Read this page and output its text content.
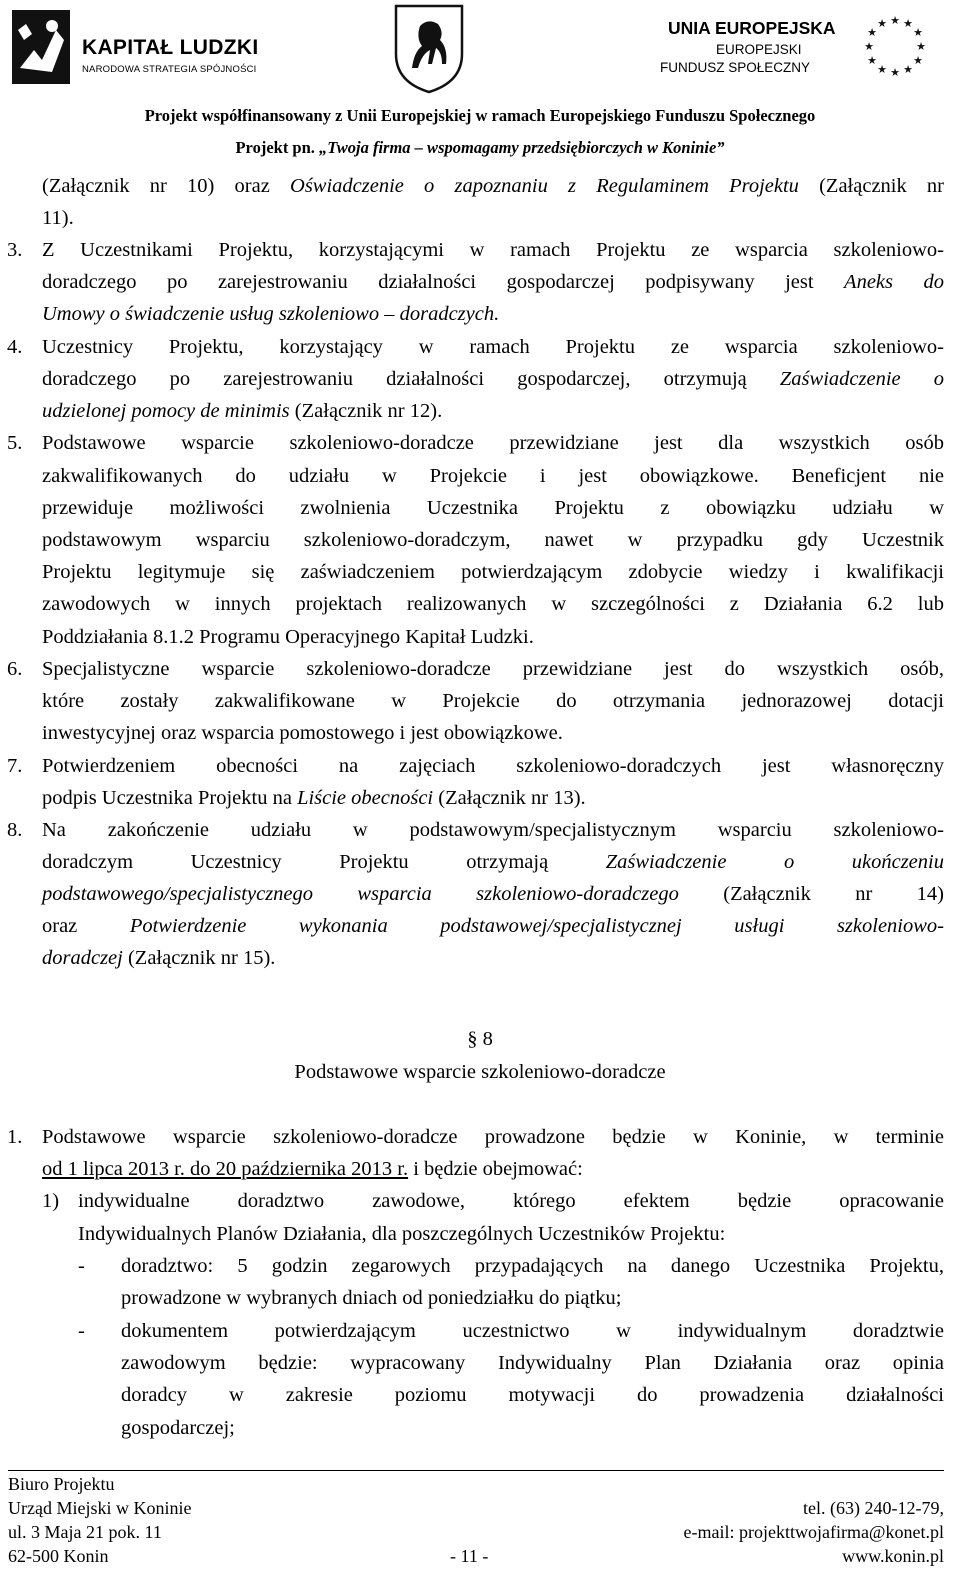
KAPITAŁ LUDZKI
NARODOWA STRATEGIA SPÓJNOŚCI
UNIA EUROPEJSKA
EUROPEJSKI
FUNDUSZ SPOŁECZNY
★ ★
★
★
★
★
★
★
★
★
★
★
Projekt współfinansowany z Unii Europejskiej w ramach Europejskiego Funduszu Społecznego
Projekt pn. „Twoja firma – wspomagamy przedsiębiorczych w Koninie”
(Załącznik nr 10) oraz Oświadczenie o zapoznaniu z Regulaminem Projektu (Załącznik nr
11).
3. Z Uczestnikami Projektu, korzystającymi w ramach Projektu ze wsparcia szkoleniowo-
doradczego po zarejestrowaniu działalności gospodarczej podpisywany jest Aneks do
Umowy o świadczenie usług szkoleniowo – doradczych.
4. Uczestnicy Projektu, korzystający w ramach Projektu ze wsparcia szkoleniowo-
doradczego po zarejestrowaniu działalności gospodarczej, otrzymują Zaświadczenie o
udzielonej pomocy de minimis (Załącznik nr 12).
5. Podstawowe wsparcie szkoleniowo-doradcze przewidziane jest dla wszystkich osób
zakwalifikowanych do udziału w Projekcie i jest obowiązkowe. Beneficjent nie
przewiduje możliwości zwolnienia Uczestnika Projektu z obowiązku udziału w
podstawowym wsparciu szkoleniowo-doradczym, nawet w przypadku gdy Uczestnik
Projektu legitymuje się zaświadczeniem potwierdzającym zdobycie wiedzy i kwalifikacji
zawodowych w innych projektach realizowanych w szczególności z Działania 6.2 lub
Poddziałania 8.1.2 Programu Operacyjnego Kapitał Ludzki.
6. Specjalistyczne wsparcie szkoleniowo-doradcze przewidziane jest do wszystkich osób,
które zostały zakwalifikowane w Projekcie do otrzymania jednorazowej dotacji
inwestycyjnej oraz wsparcia pomostowego i jest obowiązkowe.
7. Potwierdzeniem obecności na zajęciach szkoleniowo-doradczych jest własnoręczny
podpis Uczestnika Projektu na Liście obecności (Załącznik nr 13).
8. Na zakończenie udziału w podstawowym/specjalistycznym wsparciu szkoleniowo-
doradczym Uczestnicy Projektu otrzymają Zaświadczenie o ukończeniu
podstawowego/specjalistycznego wsparcia szkoleniowo-doradczego (Załącznik nr 14)
oraz Potwierdzenie wykonania podstawowej/specjalistycznej usługi szkoleniowo-
doradczej (Załącznik nr 15).
§ 8
Podstawowe wsparcie szkoleniowo-doradcze
1. Podstawowe wsparcie szkoleniowo-doradcze prowadzone będzie w Koninie, w terminie
od 1 lipca 2013 r. do 20 października 2013 r. i będzie obejmować:
1) indywidualne doradztwo zawodowe, którego efektem będzie opracowanie
Indywidualnych Planów Działania, dla poszczególnych Uczestników Projektu:
-	doradztwo: 5 godzin zegarowych przypadających na danego Uczestnika Projektu,
prowadzone w wybranych dniach od poniedziałku do piątku;
-	dokumentem potwierdzającym uczestnictwo w indywidualnym doradztwie
zawodowym będzie: wypracowany Indywidualny Plan Działania oraz opinia
doradcy w zakresie poziomu motywacji do prowadzenia działalności
gospodarczej;
Biuro Projektu
Urząd Miejski w Koninie
ul. 3 Maja 21 pok. 11
62-500 Konin	- 11 -
tel. (63) 240-12-79,
e-mail: projekttwojafirma@konet.pl
www.konin.pl
